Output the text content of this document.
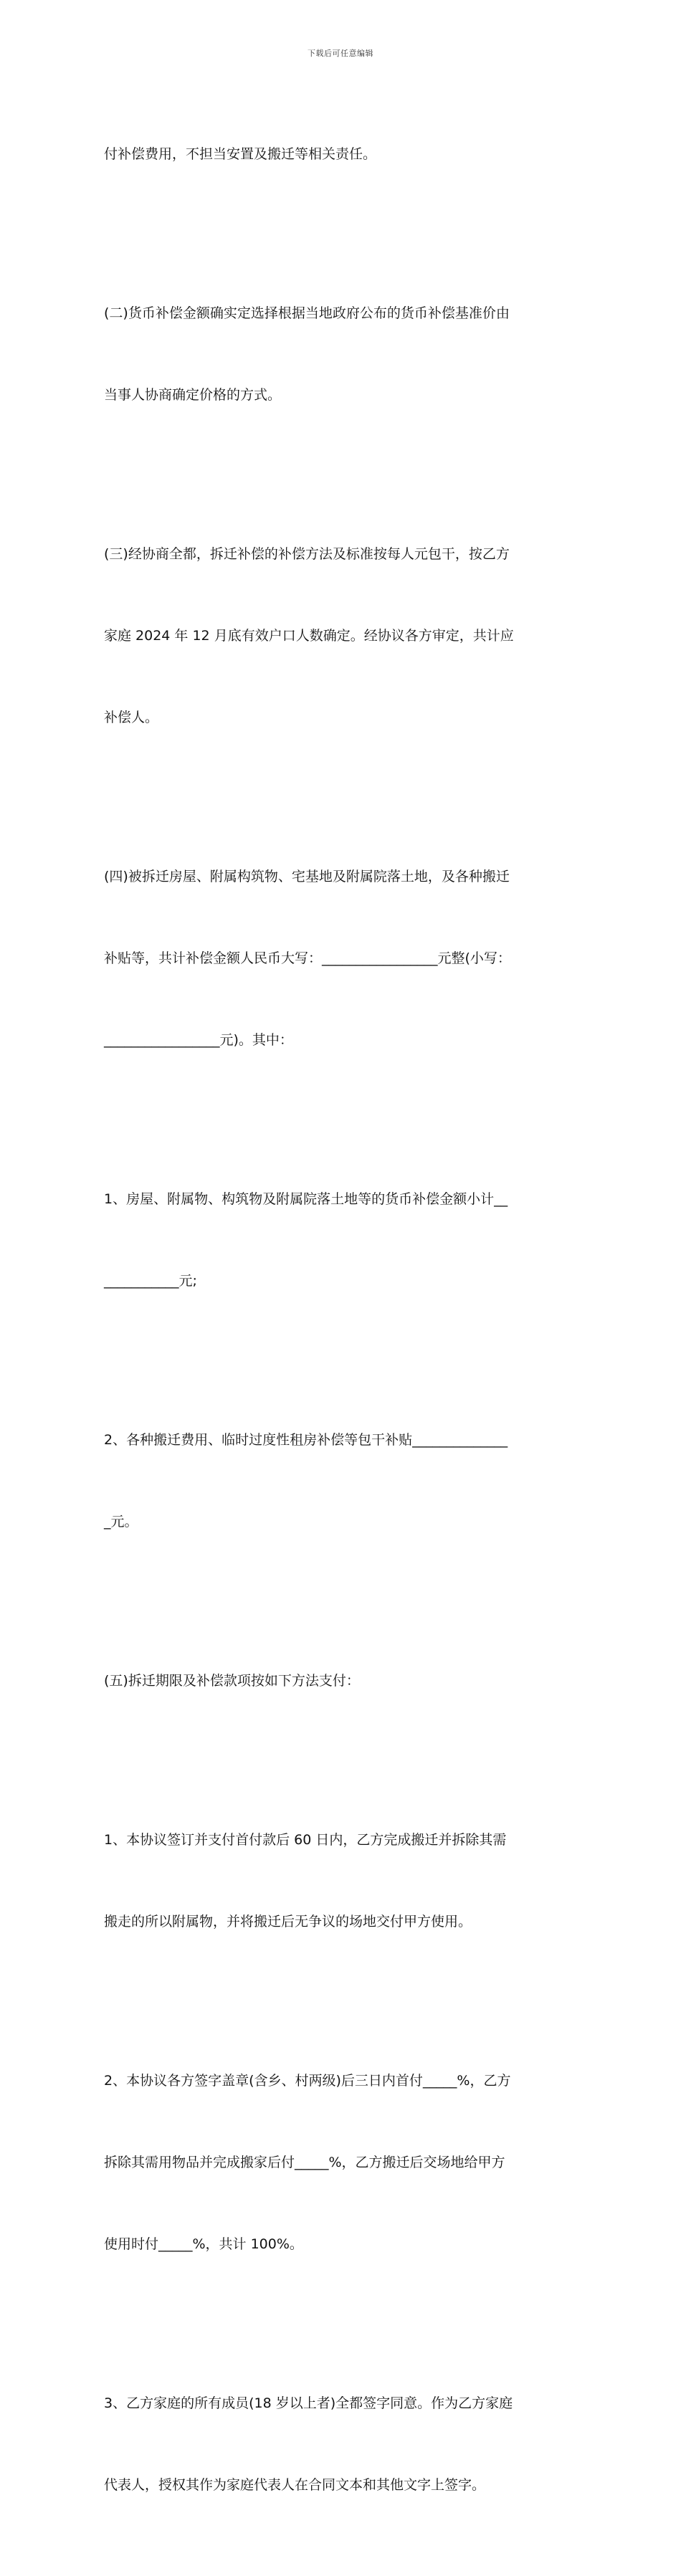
下载后可任意编辑

付补偿费用，不担当安置及搬迁等相关责任。

(二)货币补偿金额确实定选择根据当地政府公布的货币补偿基准价由

当事人协商确定价格的方式。

(三)经协商全都，拆迁补偿的补偿方法及标准按每人元包干，按乙方

家庭 2024 年 12 月底有效户口人数确定。经协议各方审定，共计应

补偿人。

(四)被拆迁房屋、附属构筑物、宅基地及附属院落土地，及各种搬迁

补贴等，共计补偿金额人民币大写：_________________元整(小写：

_________________元)。其中：

1、房屋、附属物、构筑物及附属院落土地等的货币补偿金额小计__

___________元;

2、各种搬迁费用、临时过度性租房补偿等包干补贴______________

_元。

(五)拆迁期限及补偿款项按如下方法支付：

1、本协议签订并支付首付款后 60 日内，乙方完成搬迁并拆除其需

搬走的所以附属物，并将搬迁后无争议的场地交付甲方使用。

2、本协议各方签字盖章(含乡、村两级)后三日内首付_____%，乙方

拆除其需用物品并完成搬家后付_____%，乙方搬迁后交场地给甲方

使用时付_____%，共计 100%。

3、乙方家庭的所有成员(18 岁以上者)全都签字同意。作为乙方家庭

代表人，授权其作为家庭代表人在合同文本和其他文字上签字。
